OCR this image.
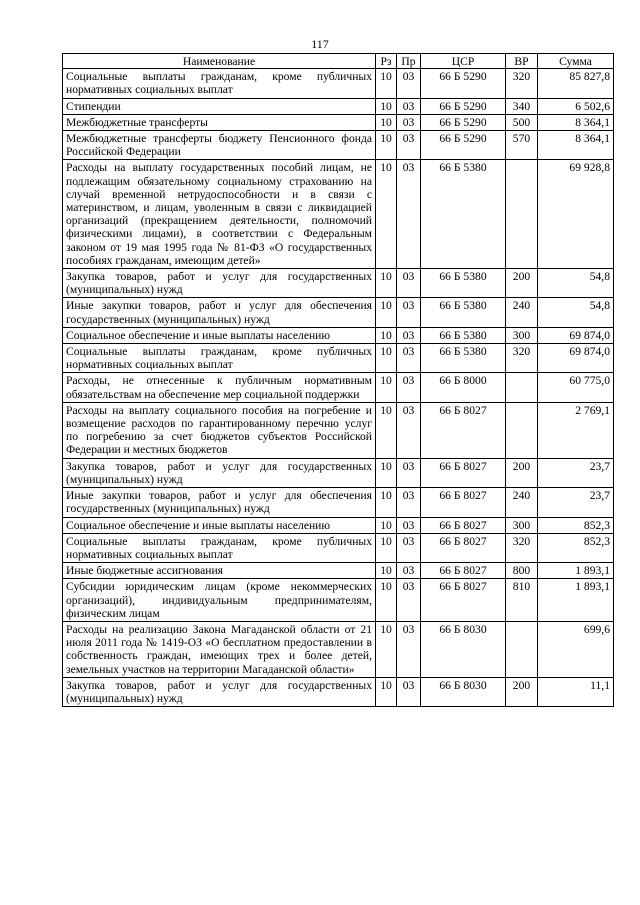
117
Наименование	Рз	Пр	ЦСР	ВР	Сумма
Социальные выплаты гражданам, кроме публичных нормативных социальных выплат	10	03	66 Б 5290	320	85 827,8
Стипендии	10	03	66 Б 5290	340	6 502,6
Межбюджетные трансферты	10	03	66 Б 5290	500	8 364,1
Межбюджетные трансферты бюджету Пенсионного фонда Российской Федерации	10	03	66 Б 5290	570	8 364,1
Расходы на выплату государственных пособий лицам, не подлежащим обязательному социальному страхованию на случай временной нетрудоспособности и в связи с материнством, и лицам, уволенным в связи с ликвидацией организаций (прекращением деятельности, полномочий физическими лицами), в соответствии с Федеральным законом от 19 мая 1995 года № 81-ФЗ «О государственных пособиях гражданам, имеющим детей»	10	03	66 Б 5380		69 928,8
Закупка товаров, работ и услуг для государственных (муниципальных) нужд	10	03	66 Б 5380	200	54,8
Иные закупки товаров, работ и услуг для обеспечения государственных (муниципальных) нужд	10	03	66 Б 5380	240	54,8
Социальное обеспечение и иные выплаты населению	10	03	66 Б 5380	300	69 874,0
Социальные выплаты гражданам, кроме публичных нормативных социальных выплат	10	03	66 Б 5380	320	69 874,0
Расходы, не отнесенные к публичным нормативным обязательствам на обеспечение мер социальной поддержки	10	03	66 Б 8000		60 775,0
Расходы на выплату социального пособия на погребение и возмещение расходов по гарантированному перечню услуг по погребению за счет бюджетов субъектов Российской Федерации и местных бюджетов	10	03	66 Б 8027		2 769,1
Закупка товаров, работ и услуг для государственных (муниципальных) нужд	10	03	66 Б 8027	200	23,7
Иные закупки товаров, работ и услуг для обеспечения государственных (муниципальных) нужд	10	03	66 Б 8027	240	23,7
Социальное обеспечение и иные выплаты населению	10	03	66 Б 8027	300	852,3
Социальные выплаты гражданам, кроме публичных нормативных социальных выплат	10	03	66 Б 8027	320	852,3
Иные бюджетные ассигнования	10	03	66 Б 8027	800	1 893,1
Субсидии юридическим лицам (кроме некоммерческих организаций), индивидуальным предпринимателям, физическим лицам	10	03	66 Б 8027	810	1 893,1
Расходы на реализацию Закона Магаданской области от 21 июля 2011 года № 1419-ОЗ «О бесплатном предоставлении в собственность граждан, имеющих трех и более детей, земельных участков на территории Магаданской области»	10	03	66 Б 8030		699,6
Закупка товаров, работ и услуг для государственных (муниципальных) нужд	10	03	66 Б 8030	200	11,1
